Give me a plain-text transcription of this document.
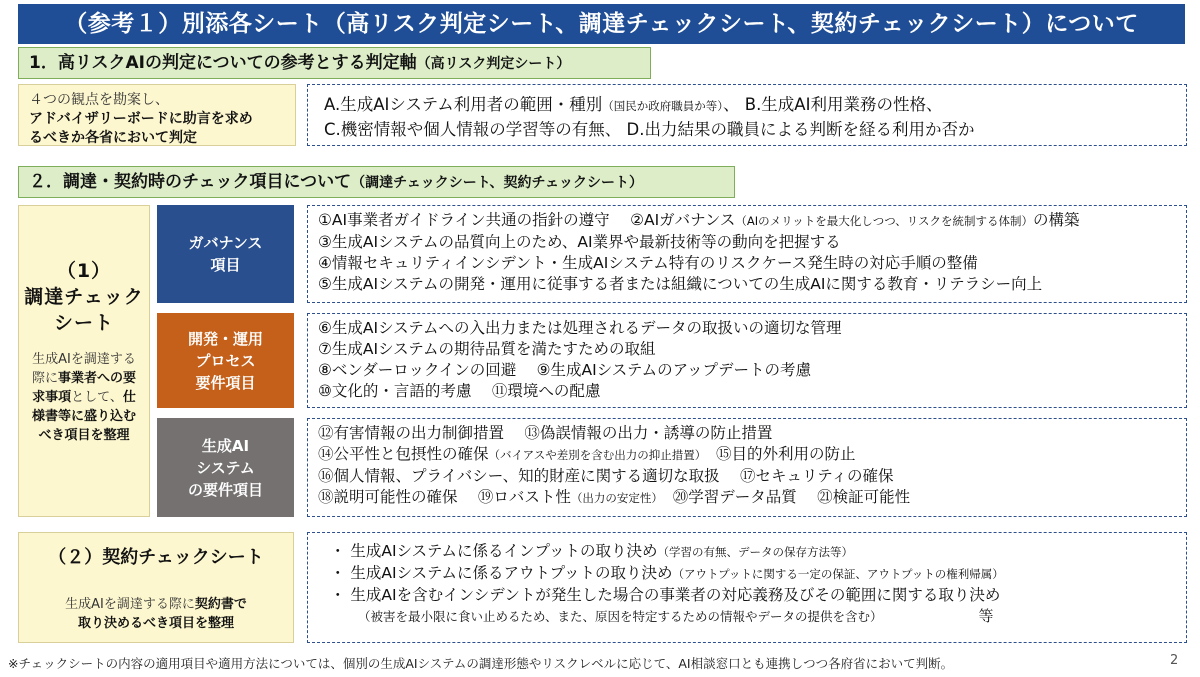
（参考１）別添各シート（高リスク判定シート、調達チェックシート、契約チェックシート）について
1．高リスクAIの判定についての参考とする判定軸（高リスク判定シート）
４つの観点を勘案し、
アドバイザリーボードに助言を求め
るべきか各省において判定
A.生成AIシステム利用者の範囲・種別（国民か政府職員か等）、 B.生成AI利用業務の性格、
C.機密情報や個人情報の学習等の有無、 D.出力結果の職員による判断を経る利用か否か
２．調達・契約時のチェック項目について（調達チェックシート、契約チェックシート）
（1）
調達チェック
シート
生成AIを調達する
際に事業者への要
求事項として、仕
様書等に盛り込む
べき項目を整理
ガバナンス
項目
①AI事業者ガイドライン共通の指針の遵守　 ②AIガバナンス（AIのメリットを最大化しつつ、リスクを統制する体制）の構築
③生成AIシステムの品質向上のため、AI業界や最新技術等の動向を把握する
④情報セキュリティインシデント・生成AIシステム特有のリスクケース発生時の対応手順の整備
⑤生成AIシステムの開発・運用に従事する者または組織についての生成AIに関する教育・リテラシー向上
開発・運用
プロセス
要件項目
⑥生成AIシステムへの入出力または処理されるデータの取扱いの適切な管理
⑦生成AIシステムの期待品質を満たすための取組
⑧ベンダーロックインの回避　 ⑨生成AIシステムのアップデートの考慮
⑩文化的・言語的考慮　 ⑪環境への配慮
生成AI
システム
の要件項目
⑫有害情報の出力制御措置　 ⑬偽誤情報の出力・誘導の防止措置
⑭公平性と包摂性の確保（バイアスや差別を含む出力の抑止措置）　⑮目的外利用の防止
⑯個人情報、プライバシー、知的財産に関する適切な取扱　 ⑰セキュリティの確保
⑱説明可能性の確保　 ⑲ロバスト性（出力の安定性）　⑳学習データ品質　 ㉑検証可能性
（２）契約チェックシート
生成AIを調達する際に契約書で
取り決めるべき項目を整理
・ 生成AIシステムに係るインプットの取り決め（学習の有無、データの保存方法等）
・ 生成AIシステムに係るアウトプットの取り決め（アウトプットに関する一定の保証、アウトプットの権利帰属）
・ 生成AIを含むインシデントが発生した場合の事業者の対応義務及びその範囲に関する取り決め
（被害を最小限に食い止めるため、また、原因を特定するための情報やデータの提供を含む）	等
※チェックシートの内容の適用項目や適用方法については、個別の生成AIシステムの調達形態やリスクレベルに応じて、AI相談窓口とも連携しつつ各府省において判断。	2
